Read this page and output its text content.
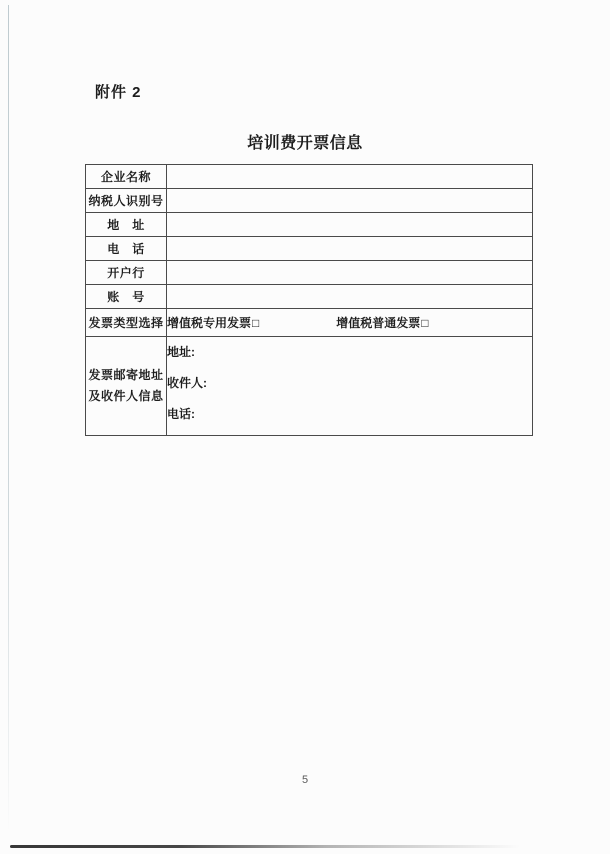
附件 2
培训费开票信息
企业名称	
纳税人识别号	
地　址	
电　话	
开户行	
账　号	
发票类型选择	增值税专用发票□ 增值税普通发票□

发票邮寄地址
及收件人信息

地址:
收件人:
电话:
5
